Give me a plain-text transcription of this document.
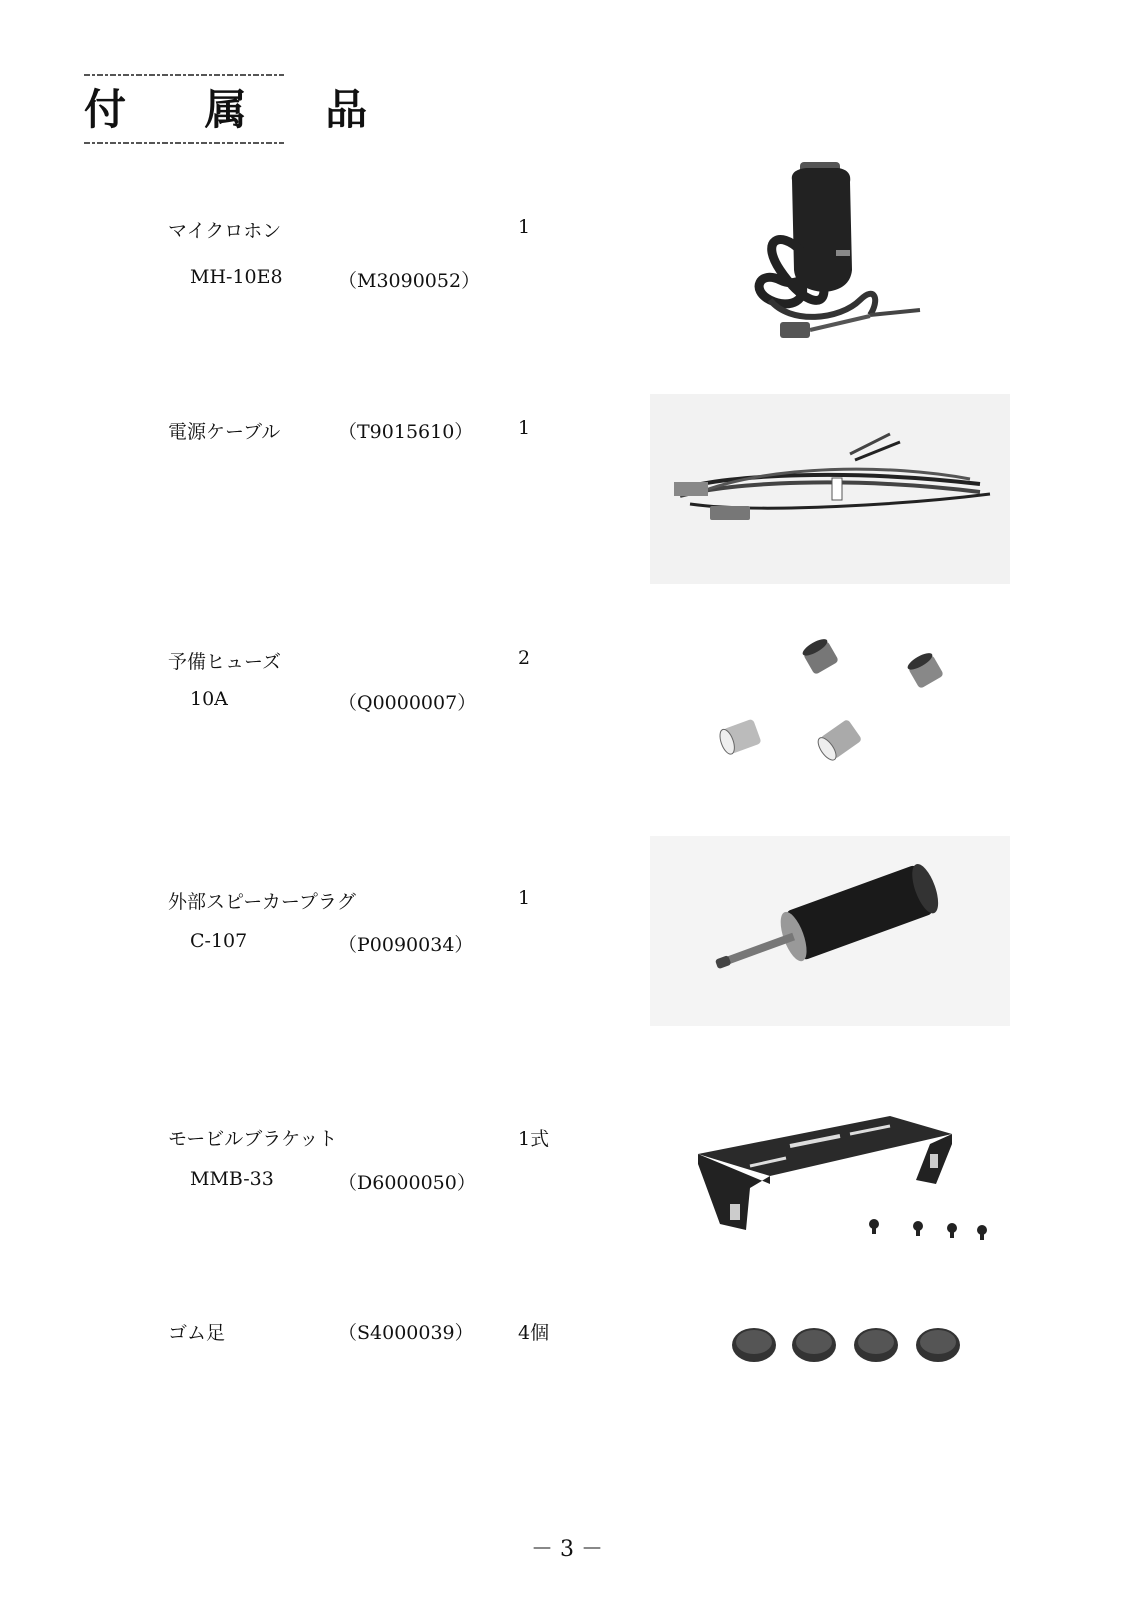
付 属 品
マイクロホン	1
MH-10E8	（M3090052）
電源ケーブル	（T9015610） 1
予備ヒューズ	2
10A	（Q0000007）
外部スピーカープラグ	1
C-107	（P0090034）
モービルブラケット	1式
MMB-33	（D6000050）
ゴム足	（S4000039） 4個
－ 3 －
